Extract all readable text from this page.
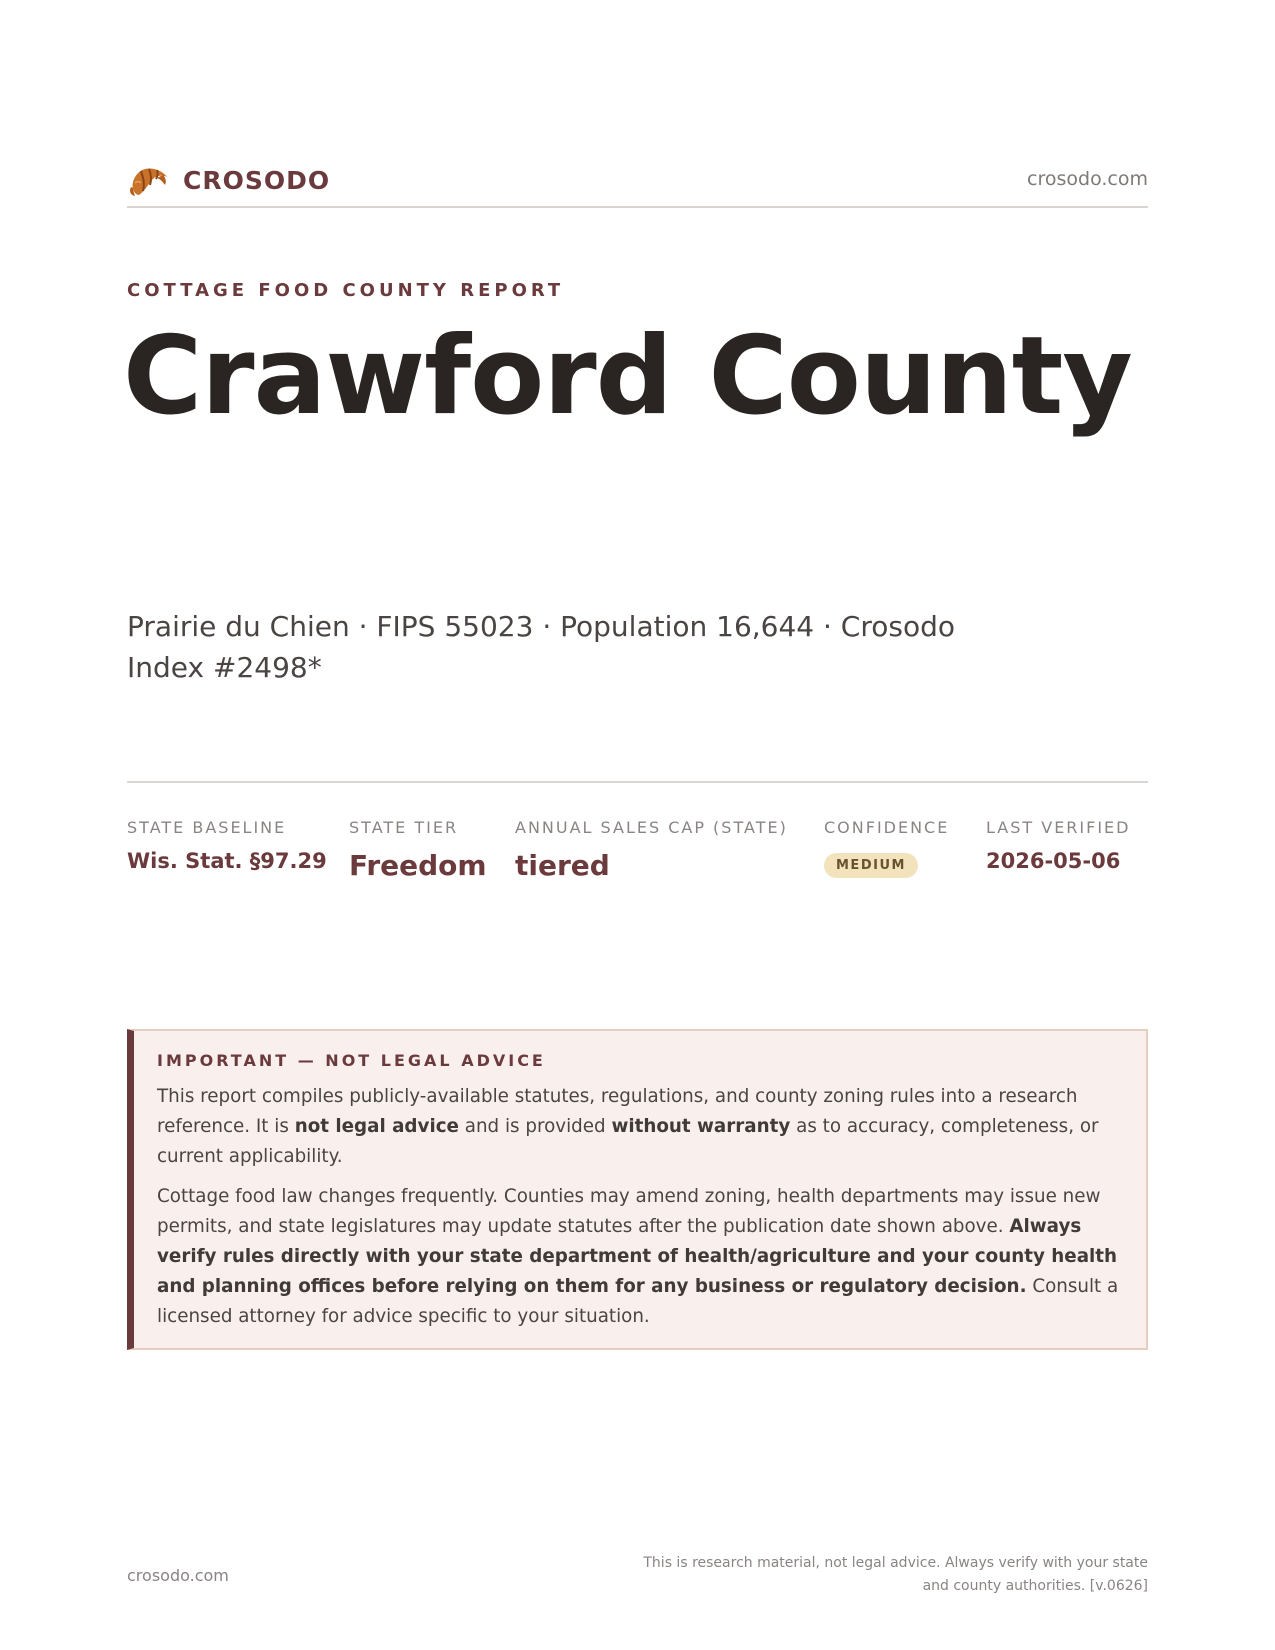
CROSODO	crosodo.com
COTTAGE FOOD COUNTY REPORT
Crawford County
Prairie du Chien · FIPS 55023 · Population 16,644 · Crosodo Index #2498*
STATE BASELINE
Wis. Stat. §97.29
STATE TIER
Freedom
ANNUAL SALES CAP (STATE)
tiered
CONFIDENCE
MEDIUM
LAST VERIFIED
2026-05-06
IMPORTANT — NOT LEGAL ADVICE

This report compiles publicly-available statutes, regulations, and county zoning rules into a research reference. It is not legal advice and is provided without warranty as to accuracy, completeness, or current applicability.

Cottage food law changes frequently. Counties may amend zoning, health departments may issue new permits, and state legislatures may update statutes after the publication date shown above. Always verify rules directly with your state department of health/agriculture and your county health and planning offices before relying on them for any business or regulatory decision. Consult a licensed attorney for advice specific to your situation.

crosodo.com
This is research material, not legal advice. Always verify with your state and county authorities. [v.0626]
